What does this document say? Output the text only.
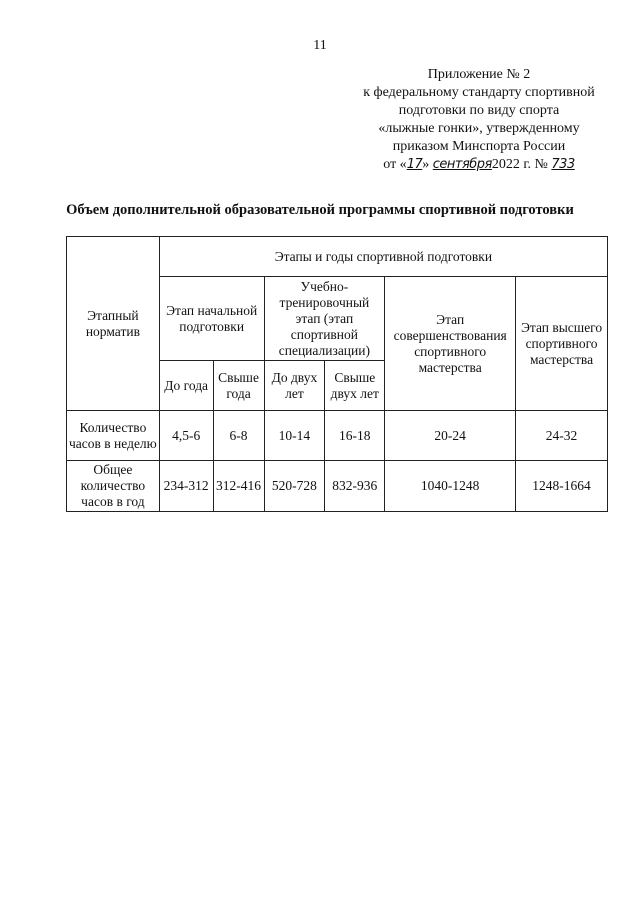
11
Приложение № 2
к федеральному стандарту спортивной
подготовки по виду спорта
«лыжные гонки», утвержденному
приказом Минспорта России
от «17» сентября2022 г. № 733
Объем дополнительной образовательной программы спортивной подготовки
Этапный норматив	Этапы и годы спортивной подготовки					
	Этап начальной подготовки		Учебно-тренировочный этап (этап спортивной специализации)		Этап совершенствования спортивного мастерства	Этап высшего спортивного мастерства
	До года	Свыше года	До двух лет	Свыше двух лет		
Количество часов в неделю	4,5-6	6-8	10-14	16-18	20-24	24-32
Общее количество часов в год	234-312	312-416	520-728	832-936	1040-1248	1248-1664
